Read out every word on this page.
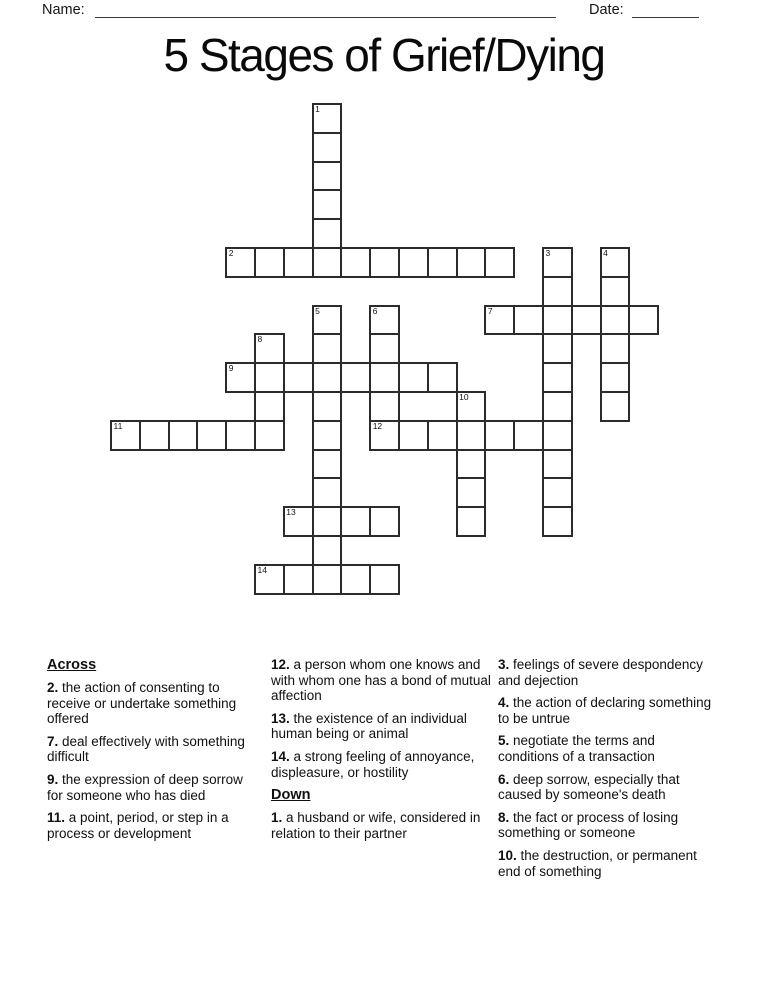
Name:	Date:
5 Stages of Grief/Dying
1
2	3	4
5	6
12
7
8
9
10
11
13
14
Across
2. the action of consenting to receive or undertake something offered
7. deal effectively with something difficult
9. the expression of deep sorrow for someone who has died
11. a point, period, or step in a process or development
12. a person whom one knows and with whom one has a bond of mutual affection
13. the existence of an individual human being or animal
14. a strong feeling of annoyance, displeasure, or hostility
Down
1. a husband or wife, considered in relation to their partner
3. feelings of severe despondency and dejection
4. the action of declaring something to be untrue
5. negotiate the terms and conditions of a transaction
6. deep sorrow, especially that caused by someone's death
8. the fact or process of losing something or someone
10. the destruction, or permanent end of something
